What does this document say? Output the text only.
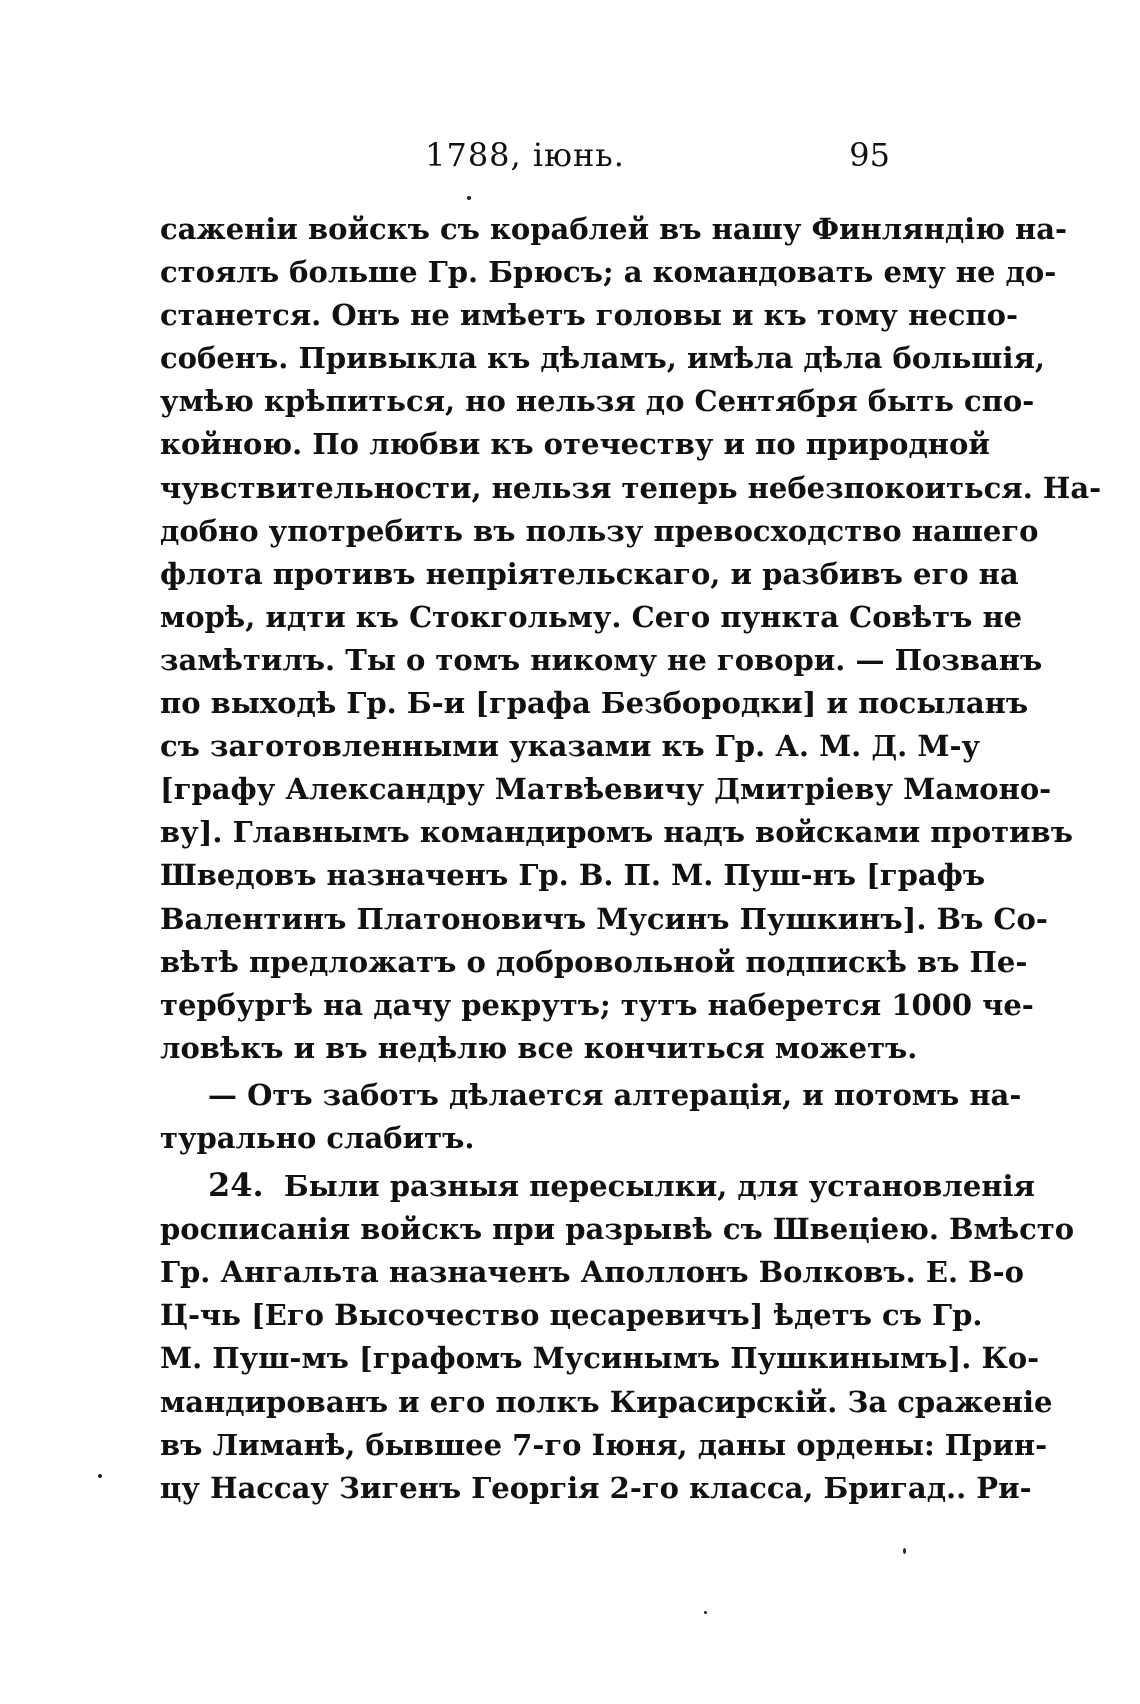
1788, іюнь.	95

саженіи войскъ съ кораблей въ нашу Финляндію на-
стоялъ больше Гр. Брюсъ; а командовать ему не до-
станется. Онъ не имѣетъ головы и къ тому неспо-
собенъ. Привыкла къ дѣламъ, имѣла дѣла большія,
умѣю крѣпиться, но нельзя до Сентября быть спо-
койною. По любви къ отечеству и по природной
чувствительности, нельзя теперь небезпокоиться. На-
добно употребить въ пользу превосходство нашего
флота противъ непріятельскаго, и разбивъ его на
морѣ, идти къ Стокгольму. Сего пункта Совѣтъ не
замѣтилъ. Ты о томъ никому не говори. — Позванъ
по выходѣ Гр. Б-и [графа Безбородки] и посыланъ
съ заготовленными указами къ Гр. А. М. Д. М-у
[графу Александру Матвѣевичу Дмитріеву Мамоно-
ву]. Главнымъ командиромъ надъ войсками противъ
Шведовъ назначенъ Гр. В. П. М. Пуш-нъ [графъ
Валентинъ Платоновичъ Мусинъ Пушкинъ]. Въ Со-
вѣтѣ предложатъ о добровольной подпискѣ въ Пе-
тербургѣ на дачу рекрутъ; тутъ наберется 1000 че-
ловѣкъ и въ недѣлю все кончиться можетъ.

— Отъ заботъ дѣлается алтерація, и потомъ на-
турально слабитъ.

24. Были разныя пересылки, для установленія
росписанія войскъ при разрывѣ съ Швеціею. Вмѣсто
Гр. Ангальта назначенъ Аполлонъ Волковъ. Е. В-о
Ц-чь [Его Высочество цесаревичъ] ѣдетъ съ Гр.
М. Пуш-мъ [графомъ Мусинымъ Пушкинымъ]. Ко-
мандированъ и его полкъ Кирасирскій. За сраженіе
въ Лиманѣ, бывшее 7-го Іюня, даны ордены: Прин-
цу Нассау Зигенъ Георгія 2-го класса, Бригад.. Ри-
